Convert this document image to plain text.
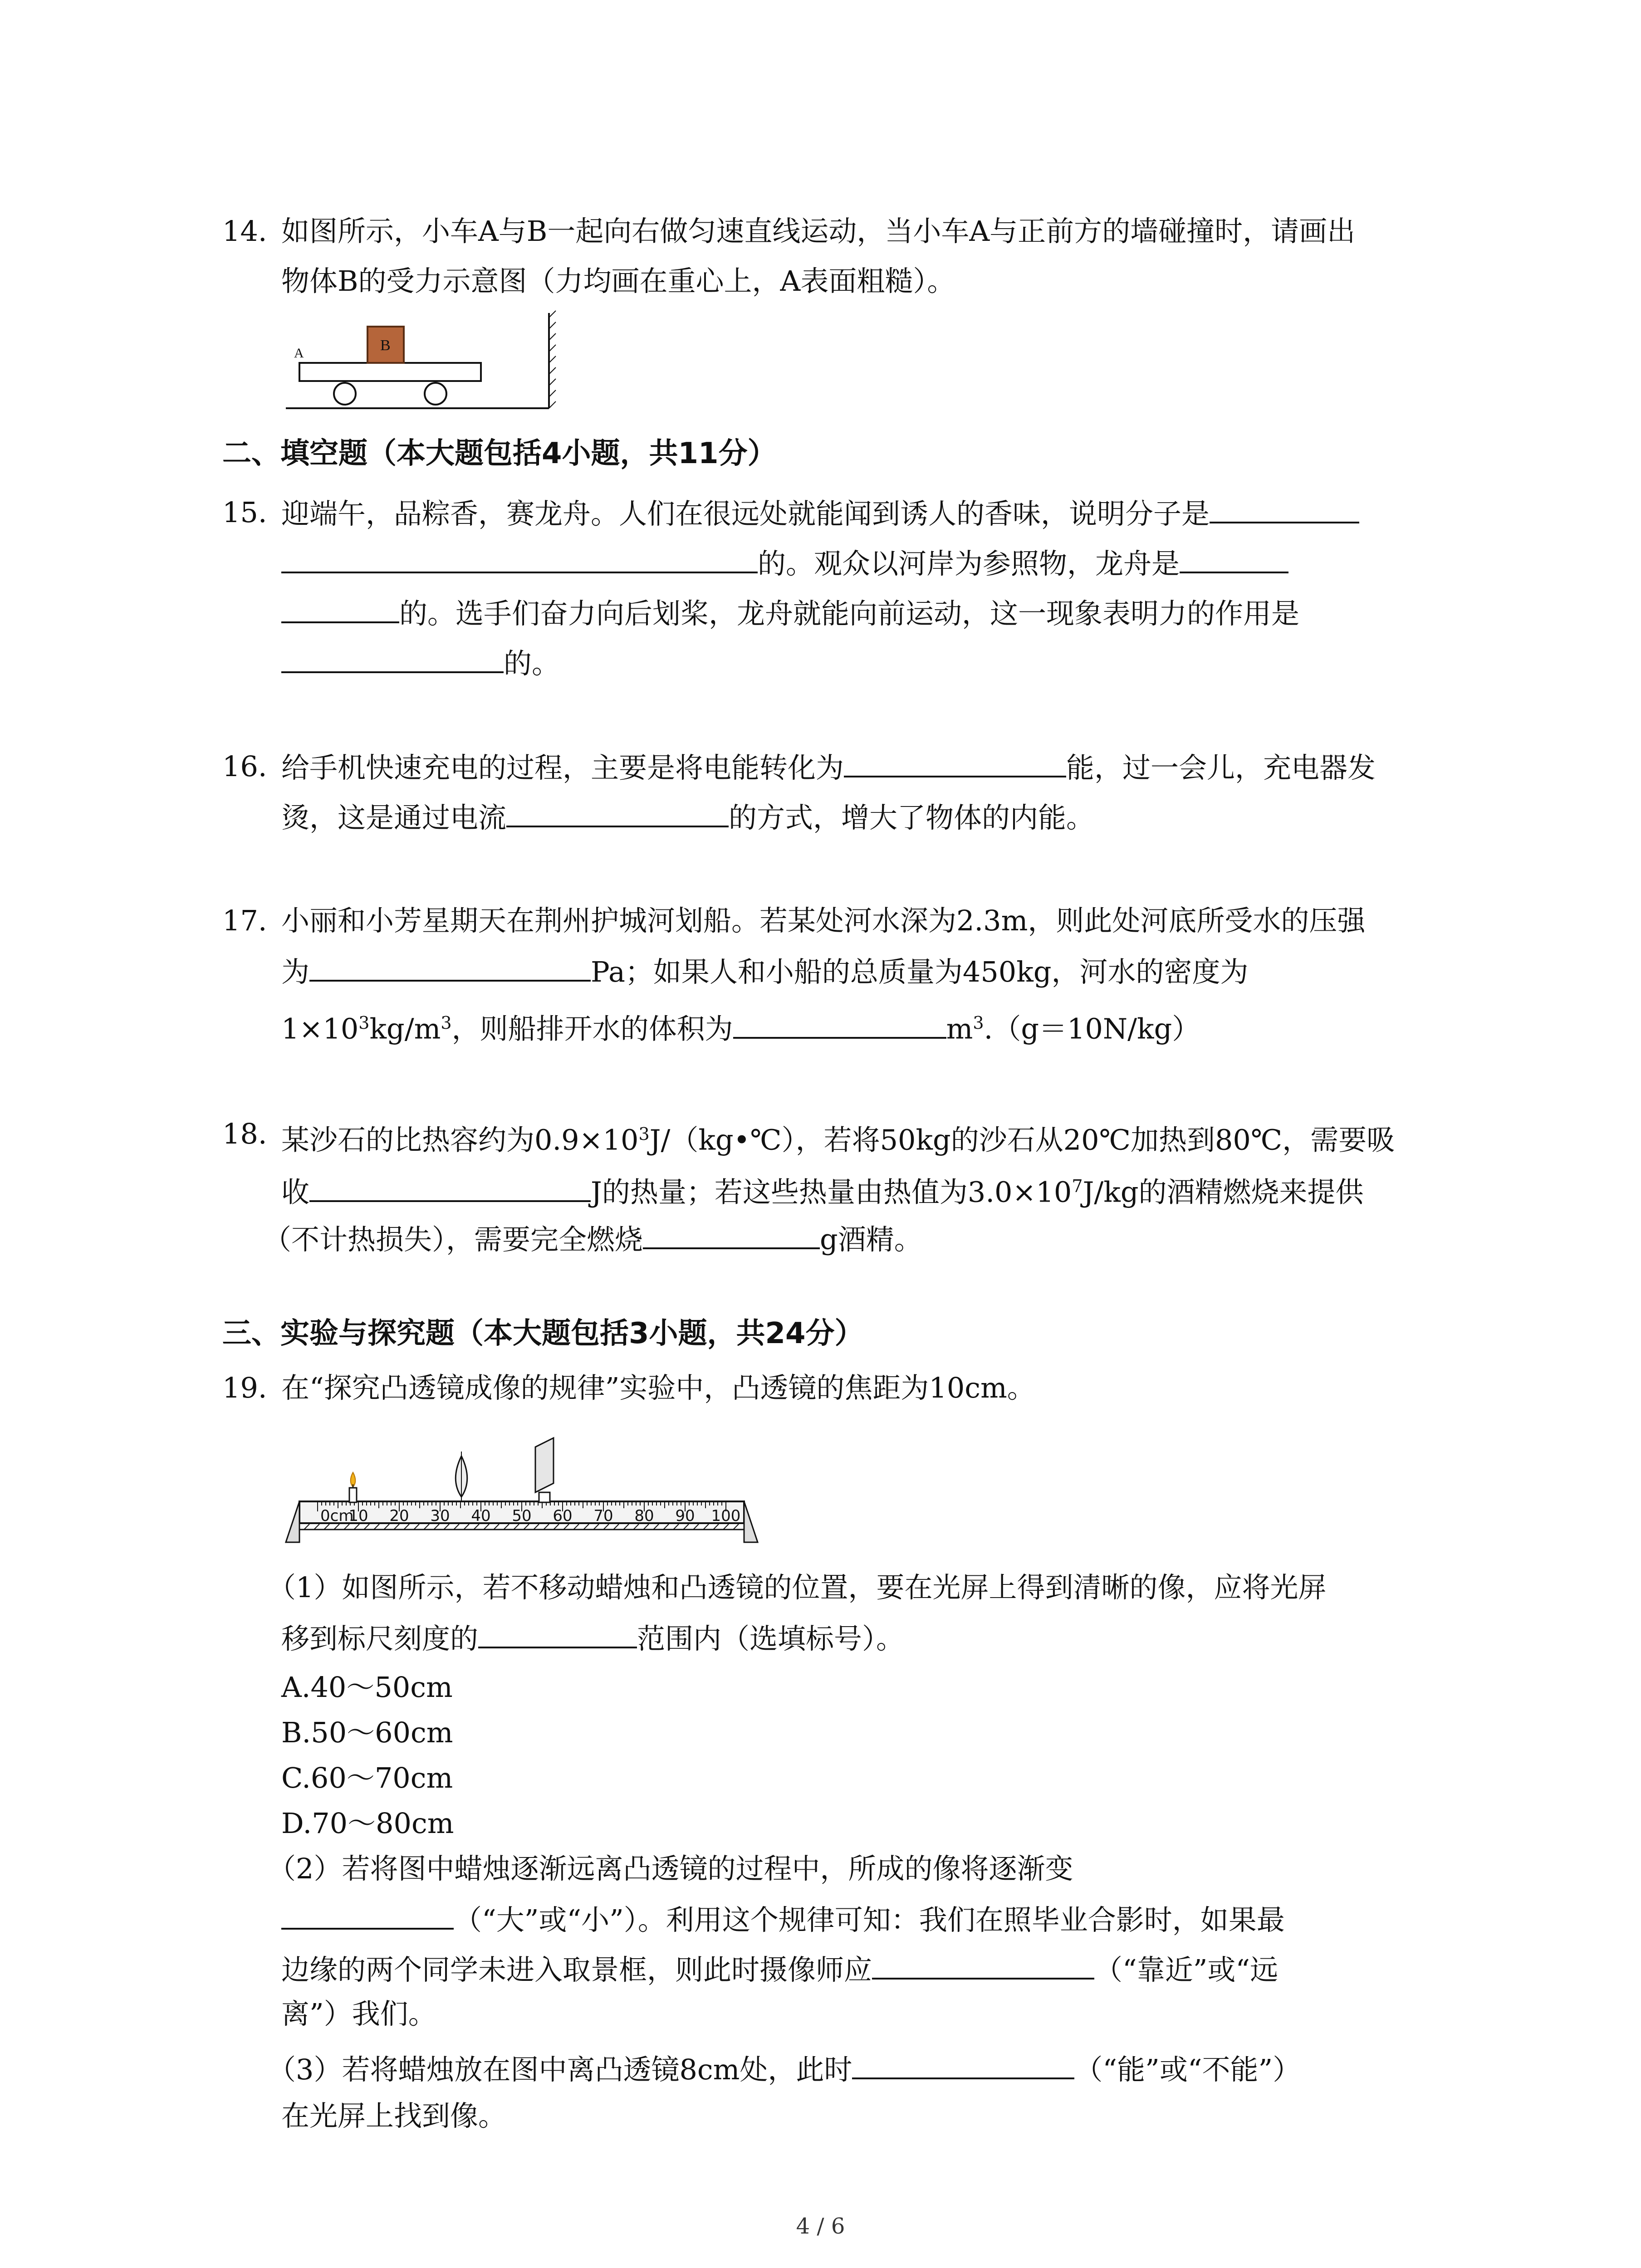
14. 如图所示，小车A与B一起向右做匀速直线运动，当小车A与正前方的墙碰撞时，请画出
物体B的受力示意图（力均画在重心上，A表面粗糙）。
A	B
二、填空题（本大题包括4小题，共11分）
15. 迎端午，品粽香，赛龙舟。人们在很远处就能闻到诱人的香味，说明分子是
的。观众以河岸为参照物，龙舟是
的。选手们奋力向后划桨，龙舟就能向前运动，这一现象表明力的作用是
的。
16. 给手机快速充电的过程，主要是将电能转化为	能，过一会儿，充电器发
烫，这是通过电流	的方式，增大了物体的内能。
17. 小丽和小芳星期天在荆州护城河划船。若某处河水深为2.3m，则此处河底所受水的压强
为	Pa；如果人和小船的总质量为450kg，河水的密度为
$1\times 10^3kg/m^3$，则船排开水的体积为	$m^3.(g=10N/kg)$
18. 某沙石的比热容约为$0.9\times 10^3J/(kg•℃)$，若将50kg的沙石从20℃加热到80℃，需要吸
收	J的热量；若这些热量由热值为$3.0\times 10^7J/kg$的酒精燃烧来提供
（不计热损失），需要完全燃烧	g酒精。
三、实验与探究题（本大题包括3小题，共24分）
19. 在“探究凸透镜成像的规律”实验中，凸透镜的焦距为10cm。
0cm
10 20 30 40 50 60 70 80 90 100
（1）如图所示，若不移动蜡烛和凸透镜的位置，要在光屏上得到清晰的像，应将光屏
移到标尺刻度的	范围内（选填标号）。
A.40～50cm
B.50～60cm
C.60～70cm
D.70～80cm
（2）若将图中蜡烛逐渐远离凸透镜的过程中，所成的像将逐渐变
（“大”或“小”）。利用这个规律可知：我们在照毕业合影时，如果最
边缘的两个同学未进入取景框，则此时摄像师应	（“靠近”或“远
离”）我们。
（3）若将蜡烛放在图中离凸透镜8cm处，此时	（“能”或“不能”）
在光屏上找到像。
4 / 6
